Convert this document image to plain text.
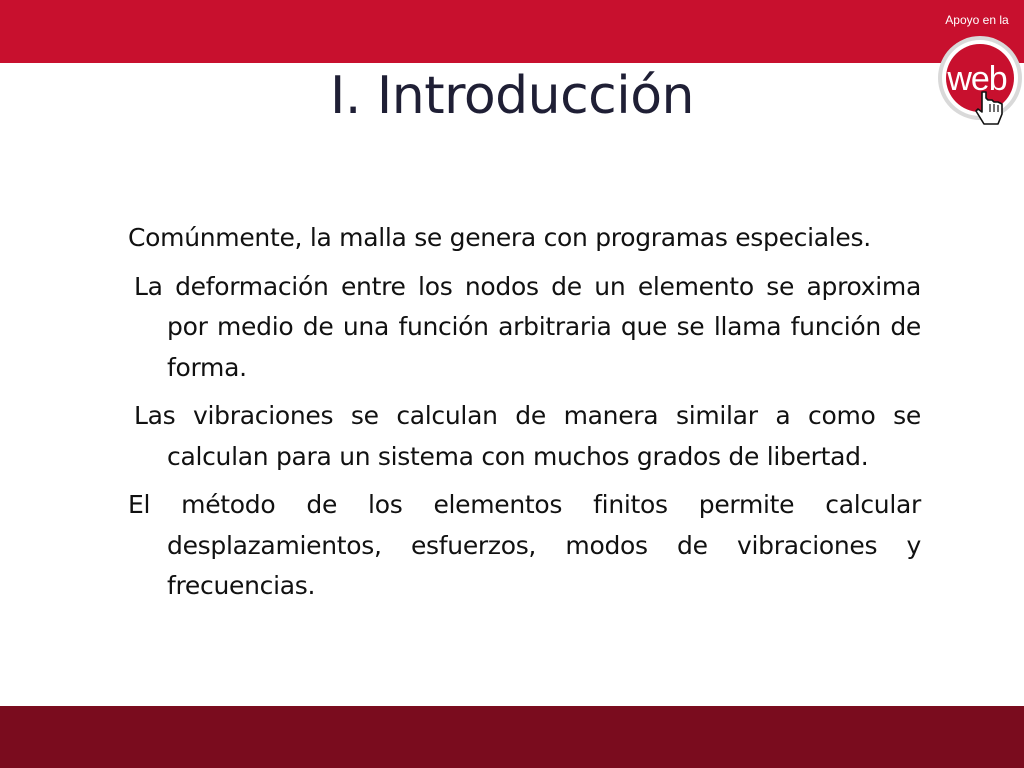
Apoyo en la
web
I. Introducción

Comúnmente, la malla se genera con programas especiales.

La deformación entre los nodos de un elemento se aproxima por medio de una función arbitraria que se llama función de forma.

Las vibraciones se calculan de manera similar a como se calculan para un sistema con muchos grados de libertad.

El método de los elementos finitos permite calcular desplazamientos, esfuerzos, modos de vibraciones y frecuencias.
